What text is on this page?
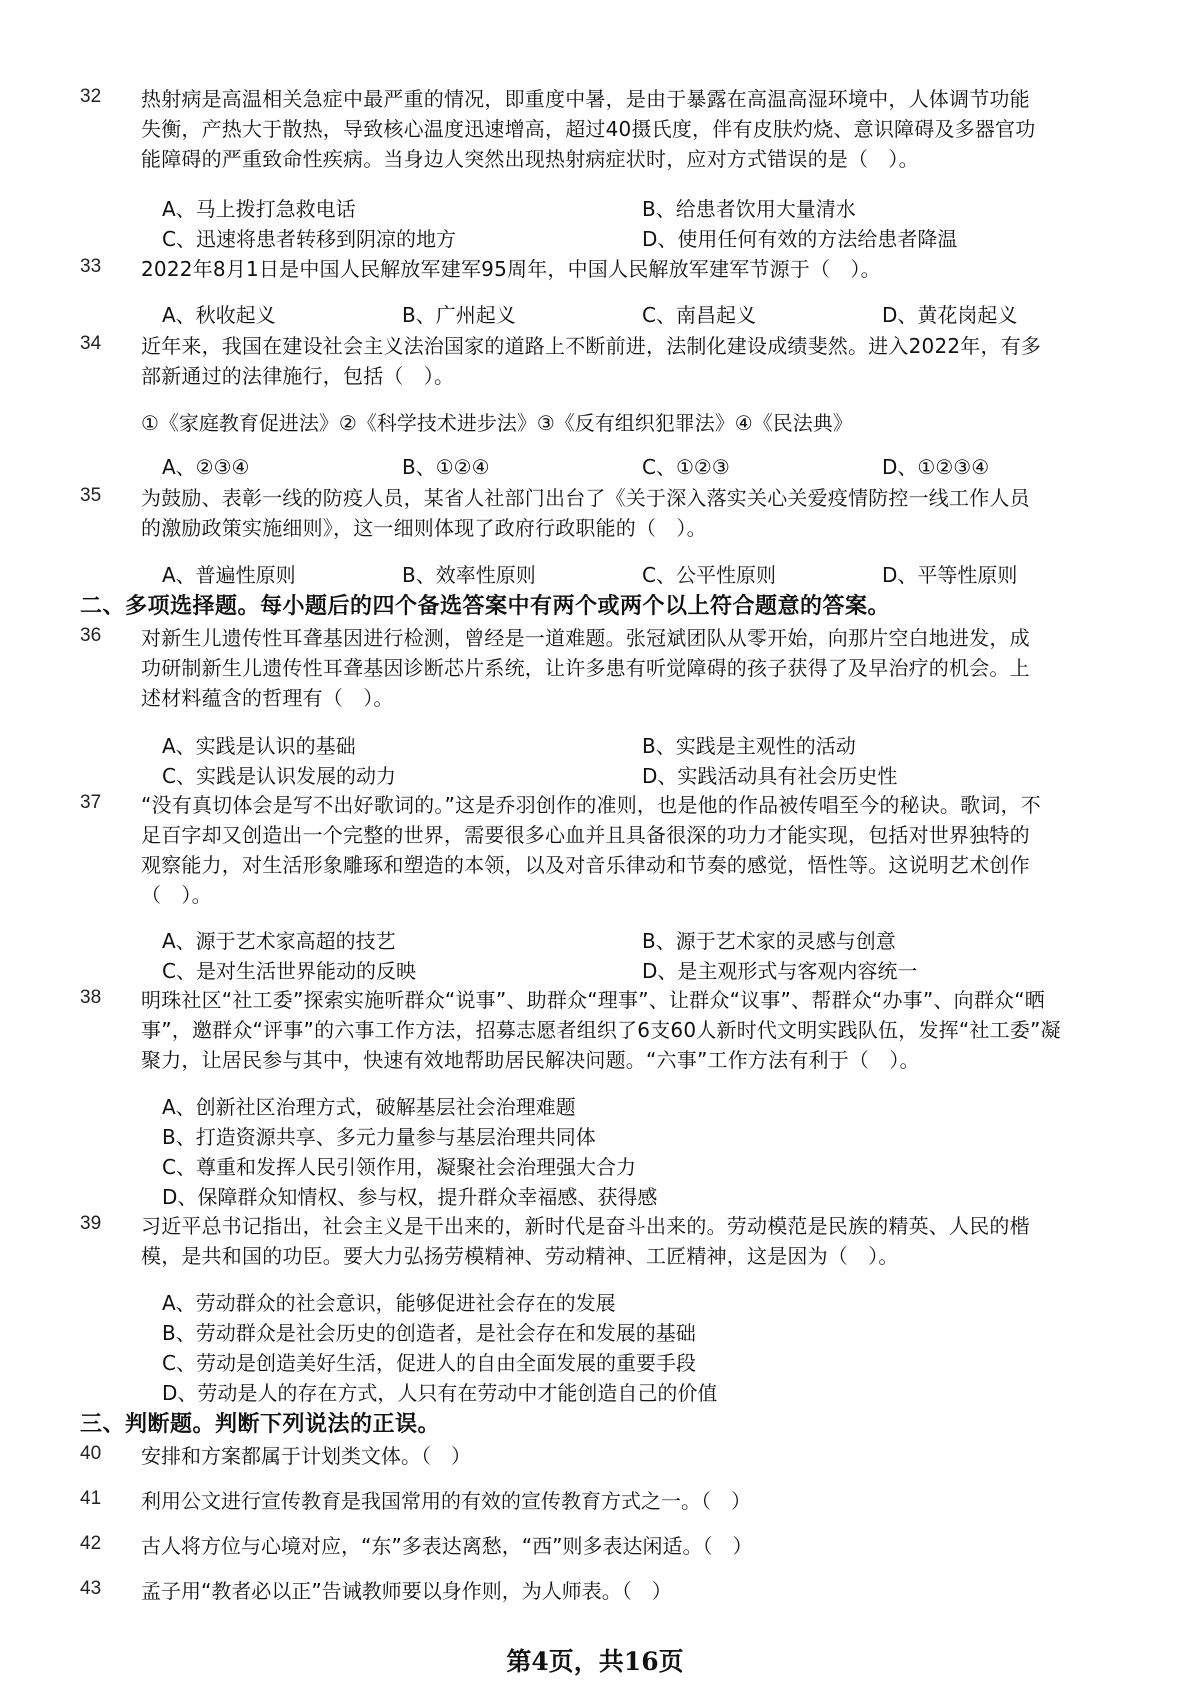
32 热射病是高温相关急症中最严重的情况，即重度中暑，是由于暴露在高温高湿环境中，人体调节功能
失衡，产热大于散热，导致核心温度迅速增高，超过40摄氏度，伴有皮肤灼烧、意识障碍及多器官功
能障碍的严重致命性疾病。当身边人突然出现热射病症状时，应对方式错误的是（　）。
A、马上拨打急救电话	B、给患者饮用大量清水
C、迅速将患者转移到阴凉的地方	D、使用任何有效的方法给患者降温
33 2022年8月1日是中国人民解放军建军95周年，中国人民解放军建军节源于（　）。
A、秋收起义	B、广州起义	C、南昌起义	D、黄花岗起义
34 近年来，我国在建设社会主义法治国家的道路上不断前进，法制化建设成绩斐然。进入2022年，有多
部新通过的法律施行，包括（　）。
①《家庭教育促进法》②《科学技术进步法》③《反有组织犯罪法》④《民法典》
A、②③④	B、①②④	C、①②③	D、①②③④
35 为鼓励、表彰一线的防疫人员，某省人社部门出台了《关于深入落实关心关爱疫情防控一线工作人员
的激励政策实施细则》，这一细则体现了政府行政职能的（　）。
A、普遍性原则	B、效率性原则	C、公平性原则	D、平等性原则
二、多项选择题。每小题后的四个备选答案中有两个或两个以上符合题意的答案。
36 对新生儿遗传性耳聋基因进行检测，曾经是一道难题。张冠斌团队从零开始，向那片空白地进发，成
功研制新生儿遗传性耳聋基因诊断芯片系统，让许多患有听觉障碍的孩子获得了及早治疗的机会。上
述材料蕴含的哲理有（　）。
A、实践是认识的基础	B、实践是主观性的活动
C、实践是认识发展的动力	D、实践活动具有社会历史性
37 “没有真切体会是写不出好歌词的。”这是乔羽创作的准则，也是他的作品被传唱至今的秘诀。歌词，不
足百字却又创造出一个完整的世界，需要很多心血并且具备很深的功力才能实现，包括对世界独特的
观察能力，对生活形象雕琢和塑造的本领，以及对音乐律动和节奏的感觉，悟性等。这说明艺术创作
（　）。
A、源于艺术家高超的技艺	B、源于艺术家的灵感与创意
C、是对生活世界能动的反映	D、是主观形式与客观内容统一
38 明珠社区“社工委”探索实施听群众“说事”、助群众“理事”、让群众“议事”、帮群众“办事”、向群众“晒
事”，邀群众“评事”的六事工作方法，招募志愿者组织了6支60人新时代文明实践队伍，发挥“社工委”凝
聚力，让居民参与其中，快速有效地帮助居民解决问题。“六事”工作方法有利于（　）。
A、创新社区治理方式，破解基层社会治理难题
B、打造资源共享、多元力量参与基层治理共同体
C、尊重和发挥人民引领作用，凝聚社会治理强大合力
D、保障群众知情权、参与权，提升群众幸福感、获得感
39 习近平总书记指出，社会主义是干出来的，新时代是奋斗出来的。劳动模范是民族的精英、人民的楷
模，是共和国的功臣。要大力弘扬劳模精神、劳动精神、工匠精神，这是因为（　）。
A、劳动群众的社会意识，能够促进社会存在的发展
B、劳动群众是社会历史的创造者，是社会存在和发展的基础
C、劳动是创造美好生活，促进人的自由全面发展的重要手段
D、劳动是人的存在方式，人只有在劳动中才能创造自己的价值
三、判断题。判断下列说法的正误。
40 安排和方案都属于计划类文体。（　）
41 利用公文进行宣传教育是我国常用的有效的宣传教育方式之一。（　）
42 古人将方位与心境对应，“东”多表达离愁，“西”则多表达闲适。（　）
43 孟子用“教者必以正”告诫教师要以身作则，为人师表。（　）
第4页，共16页
